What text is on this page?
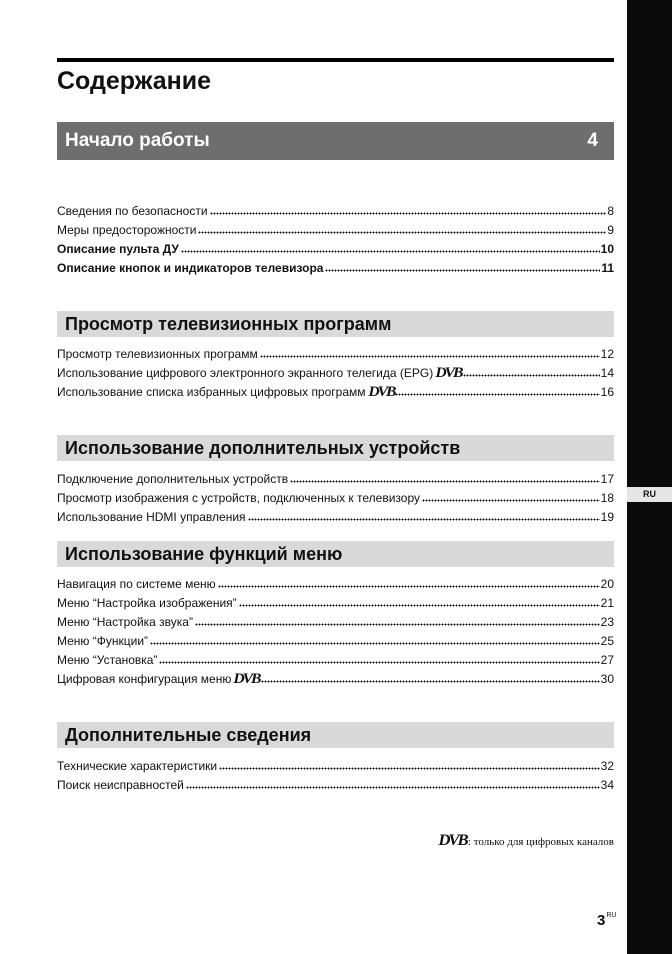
RU
Содержание
Начало работы	4
Сведения по безопасности	8
Меры предосторожности	9
Описание пульта ДУ	10
Описание кнопок и индикаторов телевизора	11
Просмотр телевизионных программ
Просмотр телевизионных программ	12
Использование цифрового электронного экранного телегида (EPG) DVB	14
Использование списка избранных цифровых программ DVB	16
Использование дополнительных устройств
Подключение дополнительных устройств	17
Просмотр изображения с устройств, подключенных к телевизору	18
Использование HDMI управления	19
Использование функций меню
Навигация по системе меню	20
Меню “Настройка изображения”	21
Меню “Настройка звука”	23
Меню “Функции”	25
Меню “Установка”	27
Цифровая конфигурация меню DVB	30
Дополнительные сведения
Технические характеристики	32
Поиск неисправностей	34
DVB: только для цифровых каналов
$3^{RU}$
